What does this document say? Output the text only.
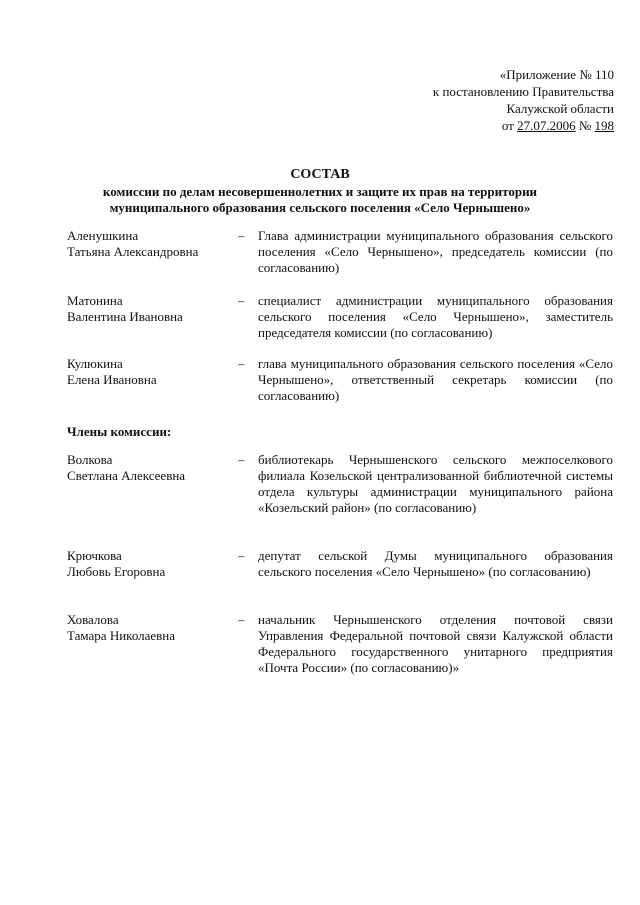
«Приложение № 110
к постановлению Правительства
Калужской области
от 27.07.2006 № 198
СОСТАВ
комиссии по делам несовершеннолетних и защите их прав на территории
муниципального образования сельского поселения «Село Чернышено»
Аленушкина
Татьяна Александровна
–	Глава администрации муниципального образования сельского поселения «Село Чернышено», председатель комиссии (по согласованию)
Матонина
Валентина Ивановна
–	специалист администрации муниципального образования сельского поселения «Село Чернышено», заместитель председателя комиссии (по согласованию)
Кулюкина
Елена Ивановна
–	глава муниципального образования сельского поселения «Село Чернышено», ответственный секретарь комиссии (по согласованию)
Члены комиссии:
Волкова
Светлана Алексеевна
–	библиотекарь Чернышенского сельского межпоселкового филиала Козельской централизованной библиотечной системы отдела культуры администрации муниципального района «Козельский район» (по согласованию)
Крючкова
Любовь Егоровна
–	депутат сельской Думы муниципального образования сельского поселения «Село Чернышено» (по согласованию)
Ховалова
Тамара Николаевна
–	начальник Чернышенского отделения почтовой связи Управления Федеральной почтовой связи Калужской области Федерального государственного унитарного предприятия «Почта России» (по согласованию)»
